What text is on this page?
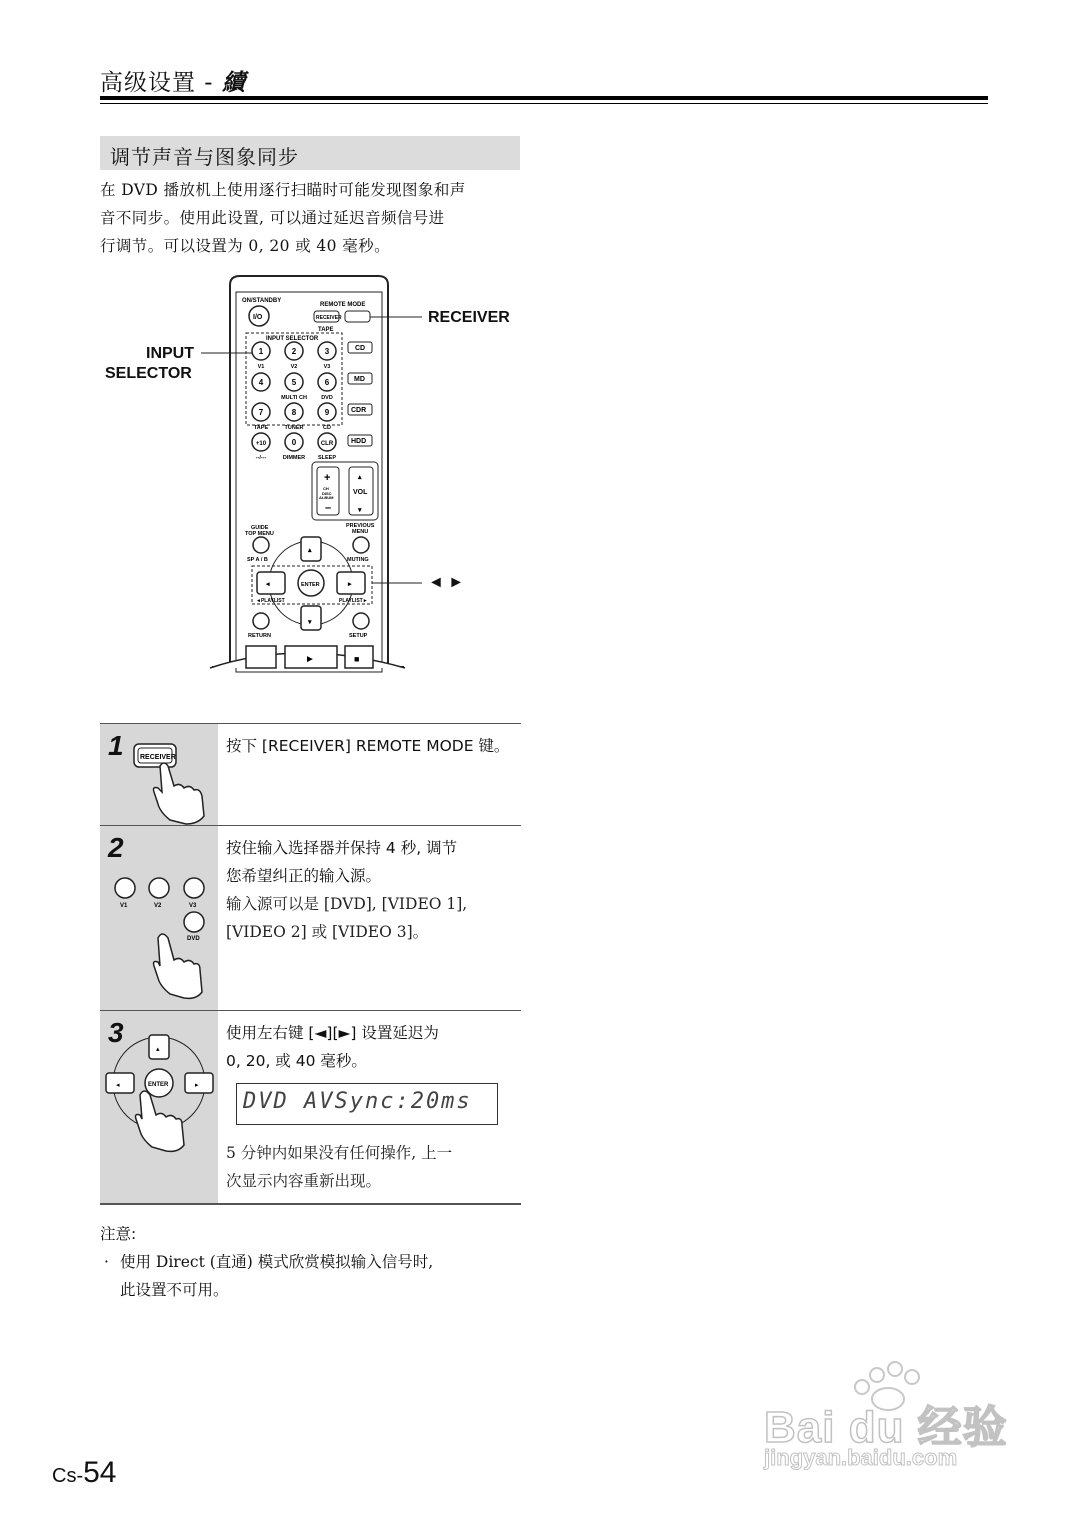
高级设置 - 續
调节声音与图象同步
在 DVD 播放机上使用逐行扫瞄时可能发现图象和声
音不同步。使用此设置, 可以通过延迟音频信号进
行调节。可以设置为 0, 20 或 40 毫秒。
ON/STANDBY
I/O
REMOTE MODE
RECEIVER
TAPE
INPUT SELECTOR
1
V1
2
V2
3
V3
4	5
MULTI CH
6
DVD
7
TAPE
8
TUNER
9
CD
+10
--/---
0
DIMMER
CLR
SLEEP
CD
MD
CDR
HDD
+
–
CH
DISC
ALBUM
VOL
▴
▾
GUIDE
TOP MENU
SP A / B
PREVIOUS
MENU
MUTING
▴
▾
◂	▸
ENTER
◄PLAYLIST	PLAYLIST►
RETURN	SETUP
►	■
RECEIVER
INPUT
SELECTOR
◄ ►
1 RECEIVER
按下 [RECEIVER] REMOTE MODE 键。
2
V1	V2	V3
DVD
按住输入选择器并保持 4 秒, 调节
您希望纠正的输入源。
输入源可以是 [DVD], [VIDEO 1],
[VIDEO 2] 或 [VIDEO 3]。
3
▴
◂	▸
ENTER
使用左右键 [◄][►] 设置延迟为
0, 20, 或 40 毫秒。
DVD AVSync:20ms
5 分钟内如果没有任何操作, 上一
次显示内容重新出现。
注意:
· 使用 Direct (直通) 模式欣赏模拟输入信号时,
此设置不可用。
Cs-54
Bai du 经验
jingyan.baidu.com
